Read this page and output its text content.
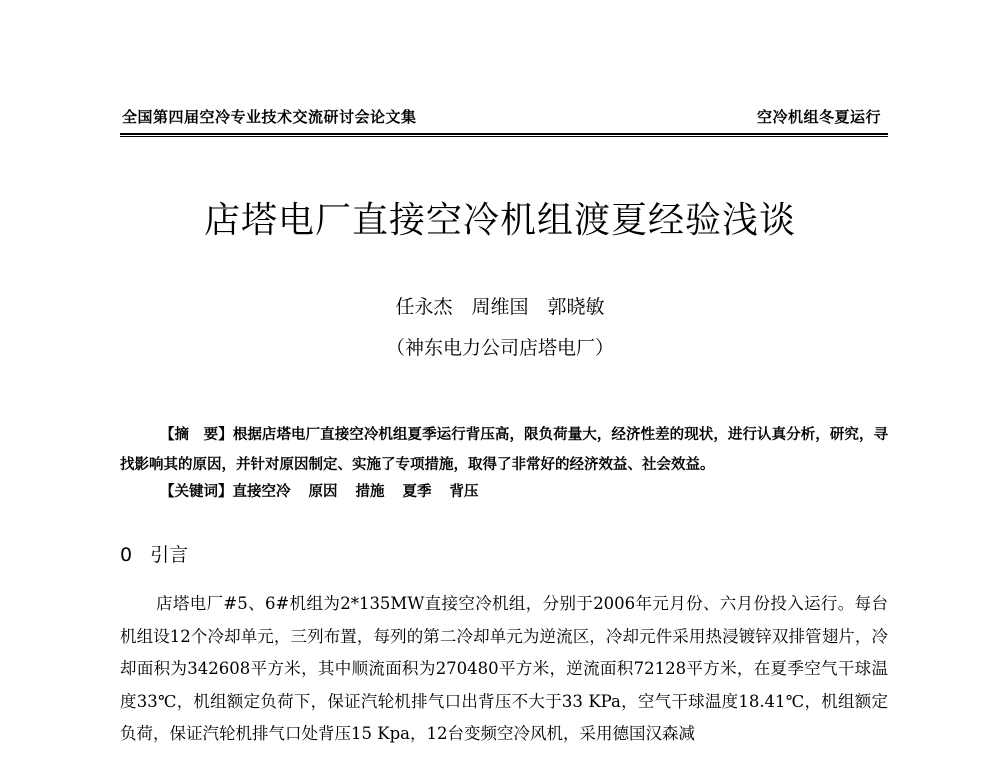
全国第四届空冷专业技术交流研讨会论文集	空冷机组冬夏运行
店塔电厂直接空冷机组渡夏经验浅谈
任永杰　周维国　郭晓敏
（神东电力公司店塔电厂）

【摘　要】根据店塔电厂直接空冷机组夏季运行背压高，限负荷量大，经济性差的现状，进行认真分析，研究，寻找影响其的原因，并针对原因制定、实施了专项措施，取得了非常好的经济效益、社会效益。

【关键词】直接空冷 原因 措施 夏季 背压

0 引言

店塔电厂#5、6#机组为2*135MW直接空冷机组，分别于2006年元月份、六月份投入运行。每台机组设12个冷却单元，三列布置，每列的第二冷却单元为逆流区，冷却元件采用热浸镀锌双排管翅片，冷却面积为342608平方米，其中顺流面积为270480平方米，逆流面积72128平方米，在夏季空气干球温度33℃，机组额定负荷下，保证汽轮机排气口出背压不大于33 KPa，空气干球温度18.41℃，机组额定负荷，保证汽轮机排气口处背压15 Kpa，12台变频空冷风机，采用德国汉森减
